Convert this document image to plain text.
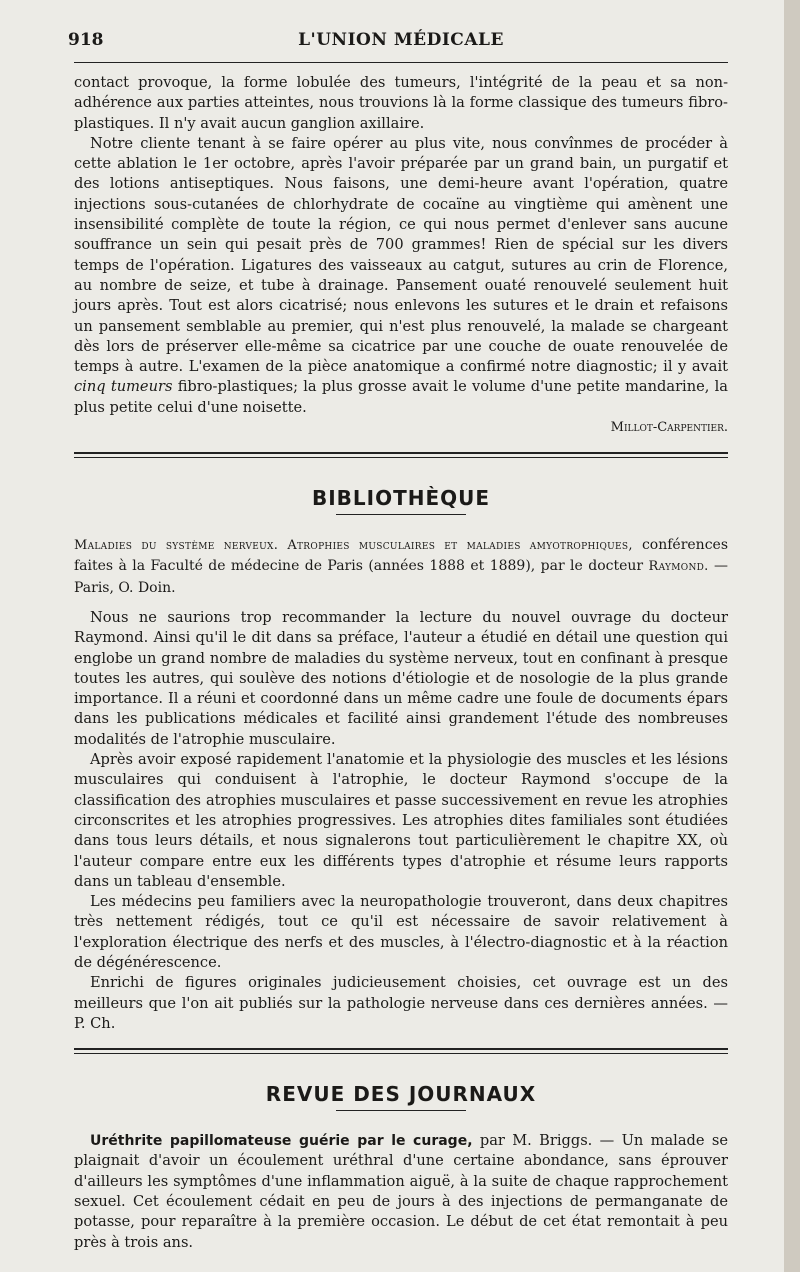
918	L'UNION MÉDICALE

contact provoque, la forme lobulée des tumeurs, l'intégrité de la peau et sa non-adhérence aux parties atteintes, nous trouvions là la forme classique des tumeurs fibro-plastiques. Il n'y avait aucun ganglion axillaire.

Notre cliente tenant à se faire opérer au plus vite, nous convînmes de procéder à cette ablation le 1er octobre, après l'avoir préparée par un grand bain, un purgatif et des lotions antiseptiques. Nous faisons, une demi-heure avant l'opération, quatre injections sous-cutanées de chlorhydrate de cocaïne au vingtième qui amènent une insensibilité complète de toute la région, ce qui nous permet d'enlever sans aucune souffrance un sein qui pesait près de 700 grammes! Rien de spécial sur les divers temps de l'opération. Ligatures des vaisseaux au catgut, sutures au crin de Florence, au nombre de seize, et tube à drainage. Pansement ouaté renouvelé seulement huit jours après. Tout est alors cicatrisé; nous enlevons les sutures et le drain et refaisons un pansement semblable au premier, qui n'est plus renouvelé, la malade se chargeant dès lors de préserver elle-même sa cicatrice par une couche de ouate renouvelée de temps à autre. L'examen de la pièce anatomique a confirmé notre diagnostic; il y avait cinq tumeurs fibro-plastiques; la plus grosse avait le volume d'une petite mandarine, la plus petite celui d'une noisette.

Millot-Carpentier.
BIBLIOTHÈQUE

Maladies du système nerveux. Atrophies musculaires et maladies amyotrophiques, conférences faites à la Faculté de médecine de Paris (années 1888 et 1889), par le docteur Raymond. — Paris, O. Doin.

Nous ne saurions trop recommander la lecture du nouvel ouvrage du docteur Raymond. Ainsi qu'il le dit dans sa préface, l'auteur a étudié en détail une question qui englobe un grand nombre de maladies du système nerveux, tout en confinant à presque toutes les autres, qui soulève des notions d'étiologie et de nosologie de la plus grande importance. Il a réuni et coordonné dans un même cadre une foule de documents épars dans les publications médicales et facilité ainsi grandement l'étude des nombreuses modalités de l'atrophie musculaire.

Après avoir exposé rapidement l'anatomie et la physiologie des muscles et les lésions musculaires qui conduisent à l'atrophie, le docteur Raymond s'occupe de la classification des atrophies musculaires et passe successivement en revue les atrophies circonscrites et les atrophies progressives. Les atrophies dites familiales sont étudiées dans tous leurs détails, et nous signalerons tout particulièrement le chapitre XX, où l'auteur compare entre eux les différents types d'atrophie et résume leurs rapports dans un tableau d'ensemble.

Les médecins peu familiers avec la neuropathologie trouveront, dans deux chapitres très nettement rédigés, tout ce qu'il est nécessaire de savoir relativement à l'exploration électrique des nerfs et des muscles, à l'électro-diagnostic et à la réaction de dégénérescence.

Enrichi de figures originales judicieusement choisies, cet ouvrage est un des meilleurs que l'on ait publiés sur la pathologie nerveuse dans ces dernières années. — P. Ch.

REVUE DES JOURNAUX

Uréthrite papillomateuse guérie par le curage, par M. Briggs. — Un malade se plaignait d'avoir un écoulement uréthral d'une certaine abondance, sans éprouver d'ailleurs les symptômes d'une inflammation aiguë, à la suite de chaque rapprochement sexuel. Cet écoulement cédait en peu de jours à des injections de permanganate de potasse, pour reparaître à la première occasion. Le début de cet état remontait à peu près à trois ans.
